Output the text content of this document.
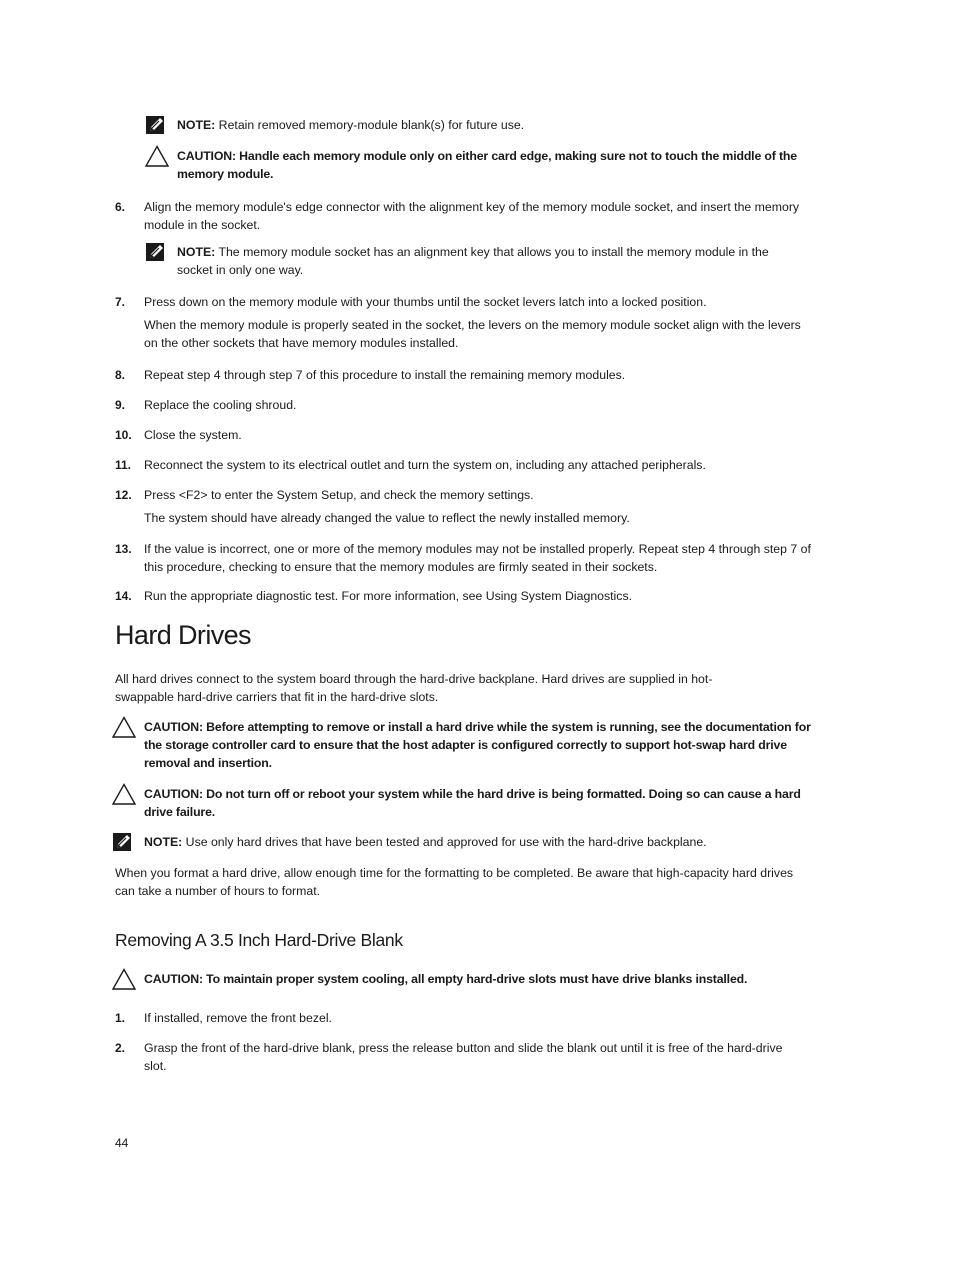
NOTE: Retain removed memory-module blank(s) for future use.
CAUTION: Handle each memory module only on either card edge, making sure not to touch the middle of the memory module.
6.	Align the memory module's edge connector with the alignment key of the memory module socket, and insert the memory module in the socket.

NOTE: The memory module socket has an alignment key that allows you to install the memory module in the socket in only one way.
7.	Press down on the memory module with your thumbs until the socket levers latch into a locked position.

When the memory module is properly seated in the socket, the levers on the memory module socket align with the levers on the other sockets that have memory modules installed.

8.	Repeat step 4 through step 7 of this procedure to install the remaining memory modules.

9.	Replace the cooling shroud.

10.	Close the system.

11.	Reconnect the system to its electrical outlet and turn the system on, including any attached peripherals.

12.	Press <F2> to enter the System Setup, and check the memory settings.

The system should have already changed the value to reflect the newly installed memory.

13.	If the value is incorrect, one or more of the memory modules may not be installed properly. Repeat step 4 through step 7 of this procedure, checking to ensure that the memory modules are firmly seated in their sockets.

14.	Run the appropriate diagnostic test. For more information, see Using System Diagnostics.

Hard Drives

All hard drives connect to the system board through the hard-drive backplane. Hard drives are supplied in hot-swappable hard-drive carriers that fit in the hard-drive slots.

CAUTION: Before attempting to remove or install a hard drive while the system is running, see the documentation for the storage controller card to ensure that the host adapter is configured correctly to support hot-swap hard drive removal and insertion.
CAUTION: Do not turn off or reboot your system while the hard drive is being formatted. Doing so can cause a hard drive failure.
NOTE: Use only hard drives that have been tested and approved for use with the hard-drive backplane.

When you format a hard drive, allow enough time for the formatting to be completed. Be aware that high-capacity hard drives can take a number of hours to format.

Removing A 3.5 Inch Hard-Drive Blank
CAUTION: To maintain proper system cooling, all empty hard-drive slots must have drive blanks installed.
1.	If installed, remove the front bezel.

2.	Grasp the front of the hard-drive blank, press the release button and slide the blank out until it is free of the hard-drive slot.

44
